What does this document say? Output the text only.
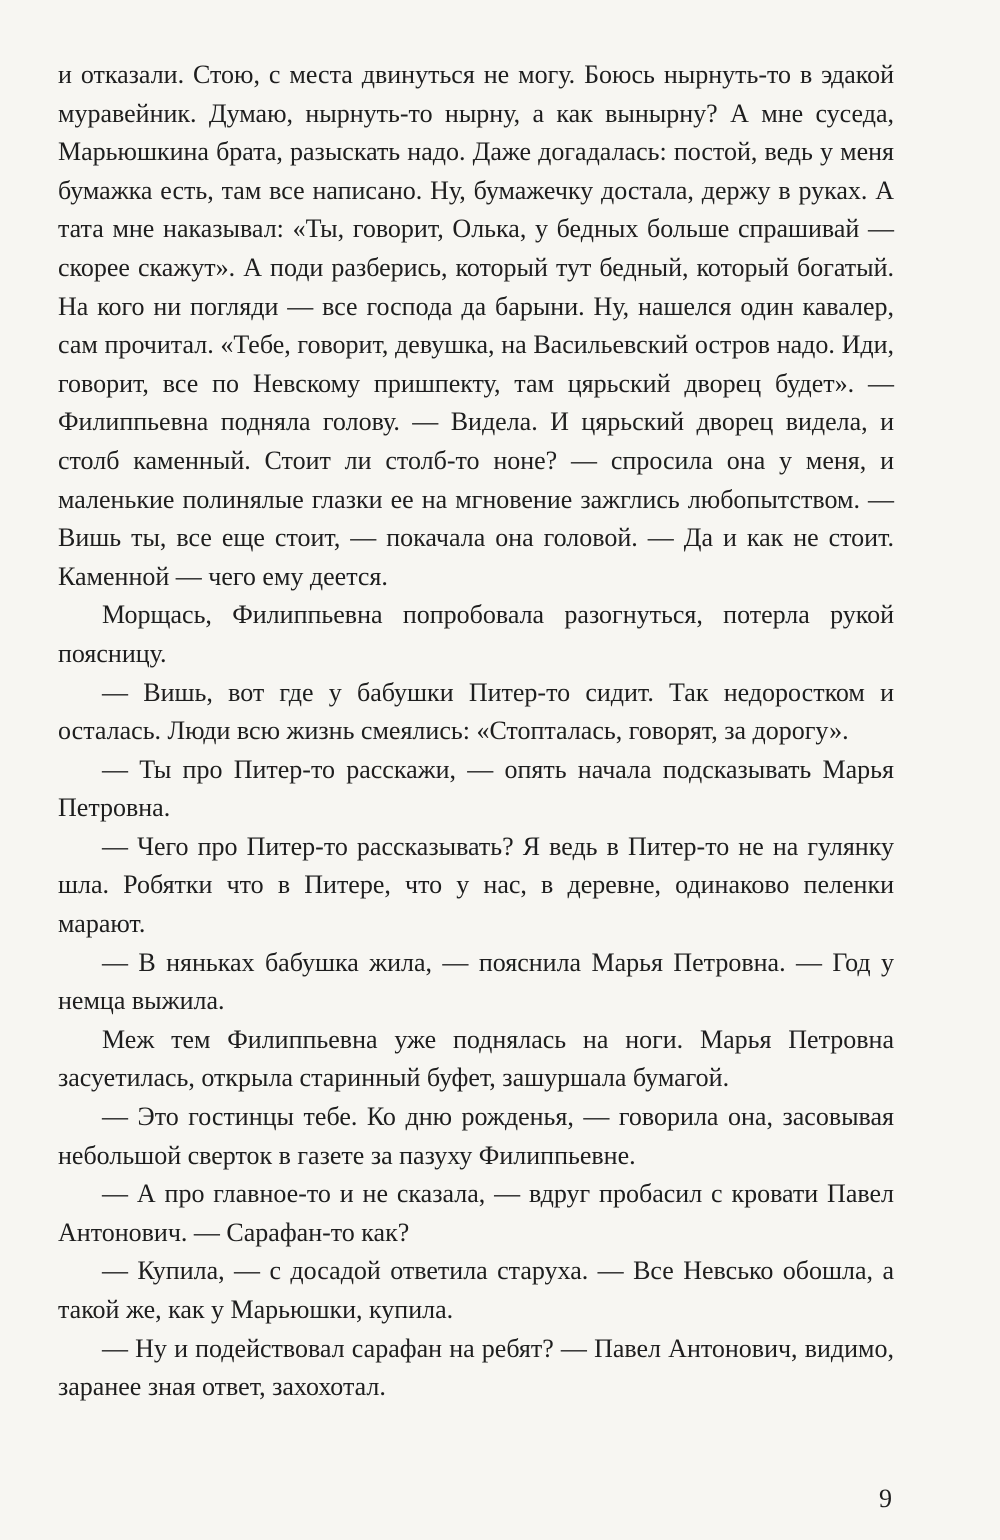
и отказали. Стою, с места двинуться не могу. Боюсь нырнуть-то в эдакой муравейник. Думаю, нырнуть-то нырну, а как вынырну? А мне суседа, Марьюшкина брата, разыскать надо. Даже догадалась: постой, ведь у меня бумажка есть, там все написано. Ну, бумажечку достала, держу в руках. А тата мне наказывал: «Ты, говорит, Олька, у бедных больше спрашивай — скорее скажут». А поди разберись, который тут бедный, который богатый. На кого ни погляди — все господа да барыни. Ну, нашелся один кавалер, сам прочитал. «Тебе, говорит, девушка, на Васильевский остров надо. Иди, говорит, все по Невскому пришпекту, там цярьский дворец будет». — Филиппьевна подняла голову. — Видела. И цярьский дворец видела, и столб каменный. Стоит ли столб-то ноне? — спросила она у меня, и маленькие полинялые глазки ее на мгновение зажглись любопытством. — Вишь ты, все еще стоит, — покачала она головой. — Да и как не стоит. Каменной — чего ему деется.

Морщась, Филиппьевна попробовала разогнуться, потерла рукой поясницу.

— Вишь, вот где у бабушки Питер-то сидит. Так недоростком и осталась. Люди всю жизнь смеялись: «Стопталась, говорят, за дорогу».

— Ты про Питер-то расскажи, — опять начала подсказывать Марья Петровна.

— Чего про Питер-то рассказывать? Я ведь в Питер-то не на гулянку шла. Робятки что в Питере, что у нас, в деревне, одинаково пеленки марают.

— В няньках бабушка жила, — пояснила Марья Петровна. — Год у немца выжила.

Меж тем Филиппьевна уже поднялась на ноги. Марья Петровна засуетилась, открыла старинный буфет, зашуршала бумагой.

— Это гостинцы тебе. Ко дню рожденья, — говорила она, засовывая небольшой сверток в газете за пазуху Филиппьевне.

— А про главное-то и не сказала, — вдруг пробасил с кровати Павел Антонович. — Сарафан-то как?

— Купила, — с досадой ответила старуха. — Все Невсько обошла, а такой же, как у Марьюшки, купила.

— Ну и подействовал сарафан на ребят? — Павел Антонович, видимо, заранее зная ответ, захохотал.

9
